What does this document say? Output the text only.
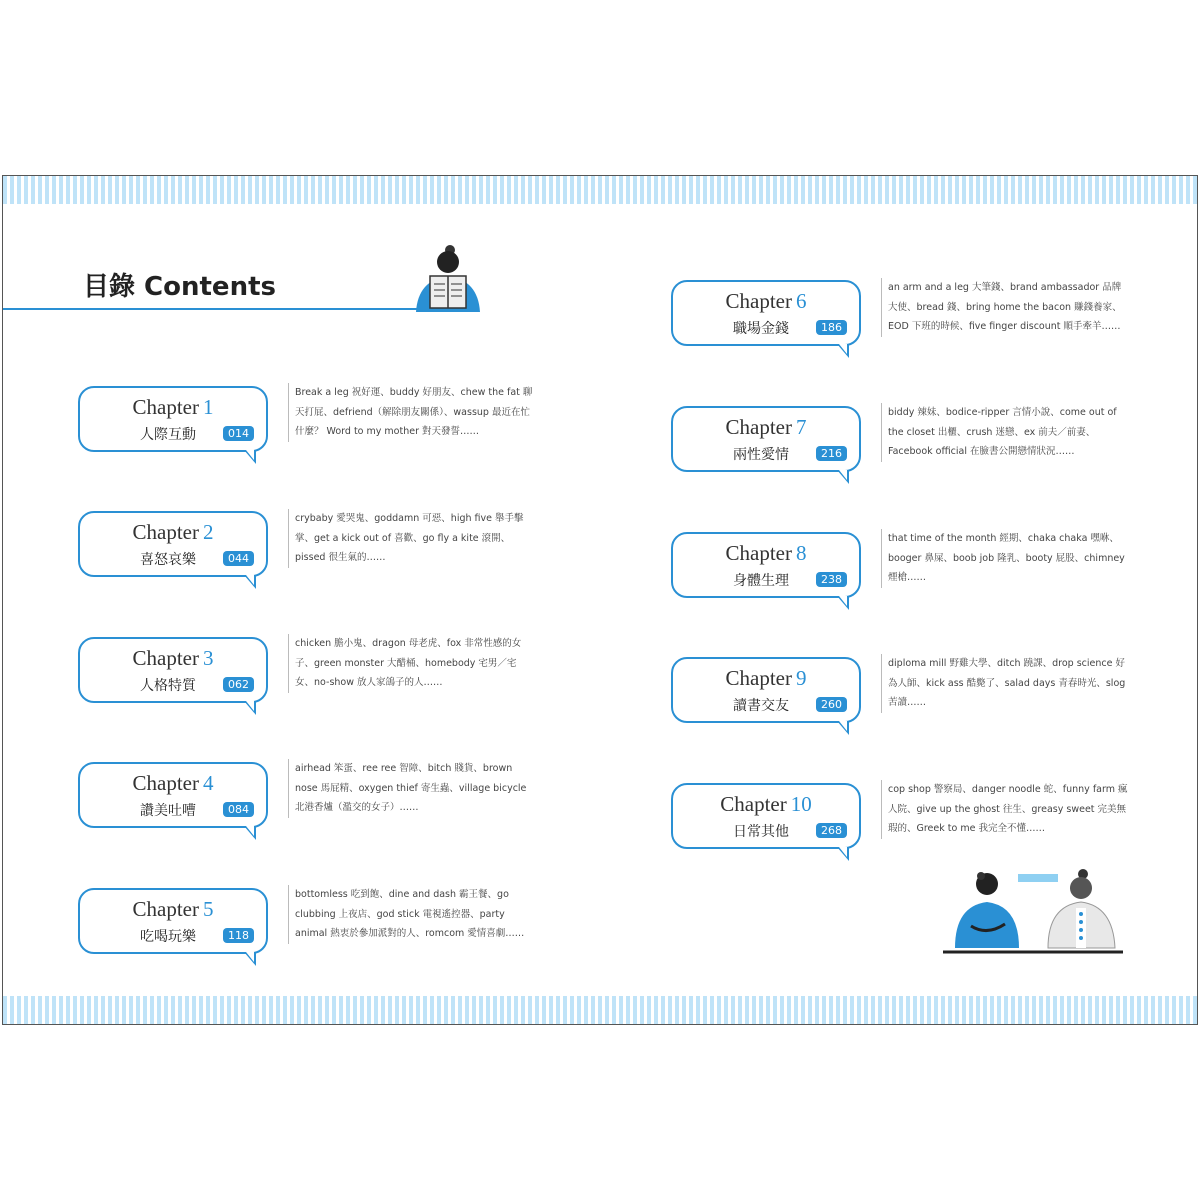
目錄 Contents
Chapter 1
人際互動	014
Break a leg 祝好運、buddy 好朋友、chew the fat 聊天打屁、defriend（解除朋友關係）、wassup 最近在忙什麼？ Word to my mother 對天發誓……
Chapter 2
喜怒哀樂	044
crybaby 愛哭鬼、goddamn 可惡、high five 舉手擊掌、get a kick out of 喜歡、go fly a kite 滾開、pissed 很生氣的……
Chapter 3
人格特質	062
chicken 膽小鬼、dragon 母老虎、fox 非常性感的女子、green monster 大醋桶、homebody 宅男／宅女、no-show 放人家鴿子的人……
Chapter 4
讚美吐嘈	084
airhead 笨蛋、ree ree 智障、bitch 賤貨、brown nose 馬屁精、oxygen thief 寄生蟲、village bicycle 北港香爐（濫交的女子）……
Chapter 5
吃喝玩樂	118
bottomless 吃到飽、dine and dash 霸王餐、go clubbing 上夜店、god stick 電視遙控器、party animal 熱衷於參加派對的人、romcom 愛情喜劇……
Chapter 6
職場金錢	186
an arm and a leg 大筆錢、brand ambassador 品牌大使、bread 錢、bring home the bacon 賺錢養家、EOD 下班的時候、five finger discount 順手牽羊……
Chapter 7
兩性愛情	216
biddy 辣妹、bodice-ripper 言情小說、come out of the closet 出櫃、crush 迷戀、ex 前夫／前妻、Facebook official 在臉書公開戀情狀況……
Chapter 8
身體生理	238
that time of the month 經期、chaka chaka 嘿咻、booger 鼻屎、boob job 隆乳、booty 屁股、chimney 煙槍……
Chapter 9
讀書交友	260
diploma mill 野雞大學、ditch 蹺課、drop science 好為人師、kick ass 酷斃了、salad days 青春時光、slog 苦讀……
Chapter 10
日常其他	268
cop shop 警察局、danger noodle 蛇、funny farm 瘋人院、give up the ghost 往生、greasy sweet 完美無瑕的、Greek to me 我完全不懂……
